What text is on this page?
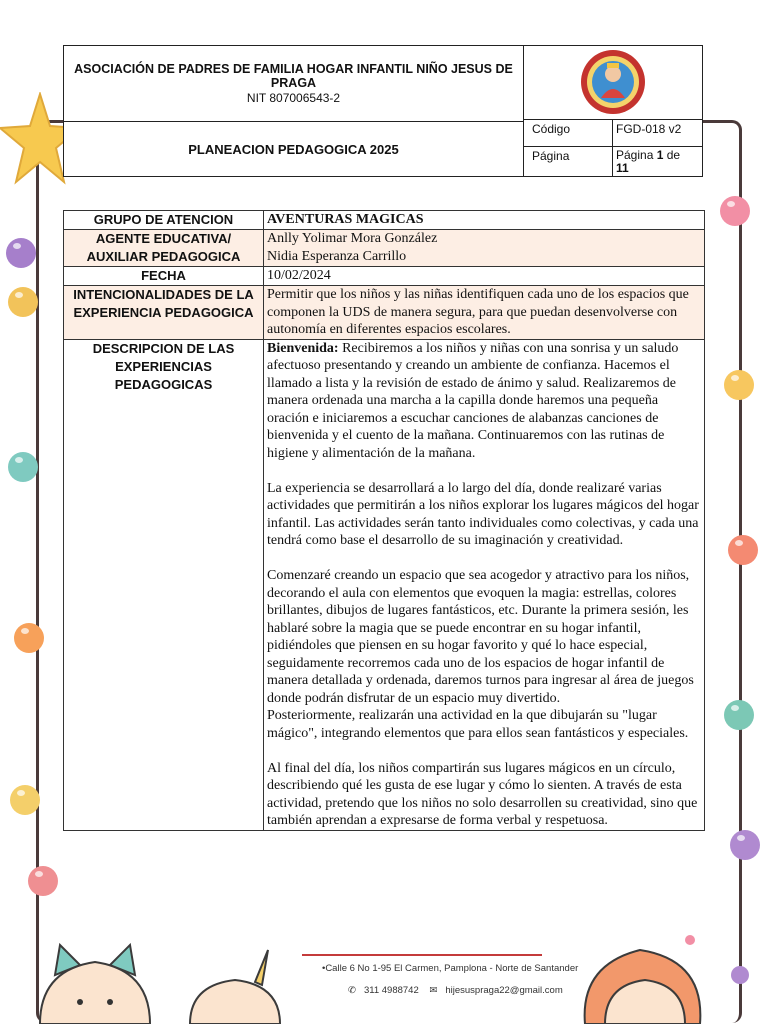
ASOCIACIÓN DE PADRES DE FAMILIA HOGAR INFANTIL NIÑO JESUS DE PRAGA
NIT 807006543-2
PLANEACION PEDAGOGICA 2025
Código	FGD-018 v2
Página	Página 1 de 11
GRUPO DE ATENCION	AVENTURAS MAGICAS
AGENTE EDUCATIVA/ AUXILIAR PEDAGOGICA	Anlly Yolimar Mora González
Nidia Esperanza Carrillo

FECHA	10/02/2024
INTENCIONALIDADES DE LA EXPERIENCIA PEDAGOGICA	Permitir que los niños y las niñas identifiquen cada uno de los espacios que componen la UDS de manera segura, para que puedan desenvolverse con autonomía en diferentes espacios escolares.
DESCRIPCION DE LAS EXPERIENCIAS PEDAGOGICAS	Bienvenida: Recibiremos a los niños y niñas con una sonrisa y un saludo afectuoso presentando y creando un ambiente de confianza. Hacemos el llamado a lista y la revisión de estado de ánimo y salud. Realizaremos de manera ordenada una marcha a la capilla donde haremos una pequeña oración e iniciaremos a escuchar canciones de alabanzas canciones de bienvenida y el cuento de la mañana. Continuaremos con las rutinas de higiene y alimentación de la mañana.

La experiencia se desarrollará a lo largo del día, donde realizaré varias actividades que permitirán a los niños explorar los lugares mágicos del hogar infantil. Las actividades serán tanto individuales como colectivas, y cada una tendrá como base el desarrollo de su imaginación y creatividad.

Comenzaré creando un espacio que sea acogedor y atractivo para los niños, decorando el aula con elementos que evoquen la magia: estrellas, colores brillantes, dibujos de lugares fantásticos, etc. Durante la primera sesión, les hablaré sobre la magia que se puede encontrar en su hogar infantil, pidiéndoles que piensen en su hogar favorito y qué lo hace especial, seguidamente recorremos cada uno de los espacios de hogar infantil de manera detallada y ordenada, daremos turnos para ingresar al área de juegos donde podrán disfrutar de un espacio muy divertido.
Posteriormente, realizarán una actividad en la que dibujarán su "lugar mágico", integrando elementos que para ellos sean fantásticos y especiales.

Al final del día, los niños compartirán sus lugares mágicos en un círculo, describiendo qué les gusta de ese lugar y cómo lo sienten. A través de esta actividad, pretendo que los niños no solo desarrollen su creatividad, sino que también aprendan a expresarse de forma verbal y respetuosa.

•Calle 6 No 1-95 El Carmen, Pamplona - Norte de Santander
✆ 311 4988742 ✉ hijesuspraga22@gmail.com
